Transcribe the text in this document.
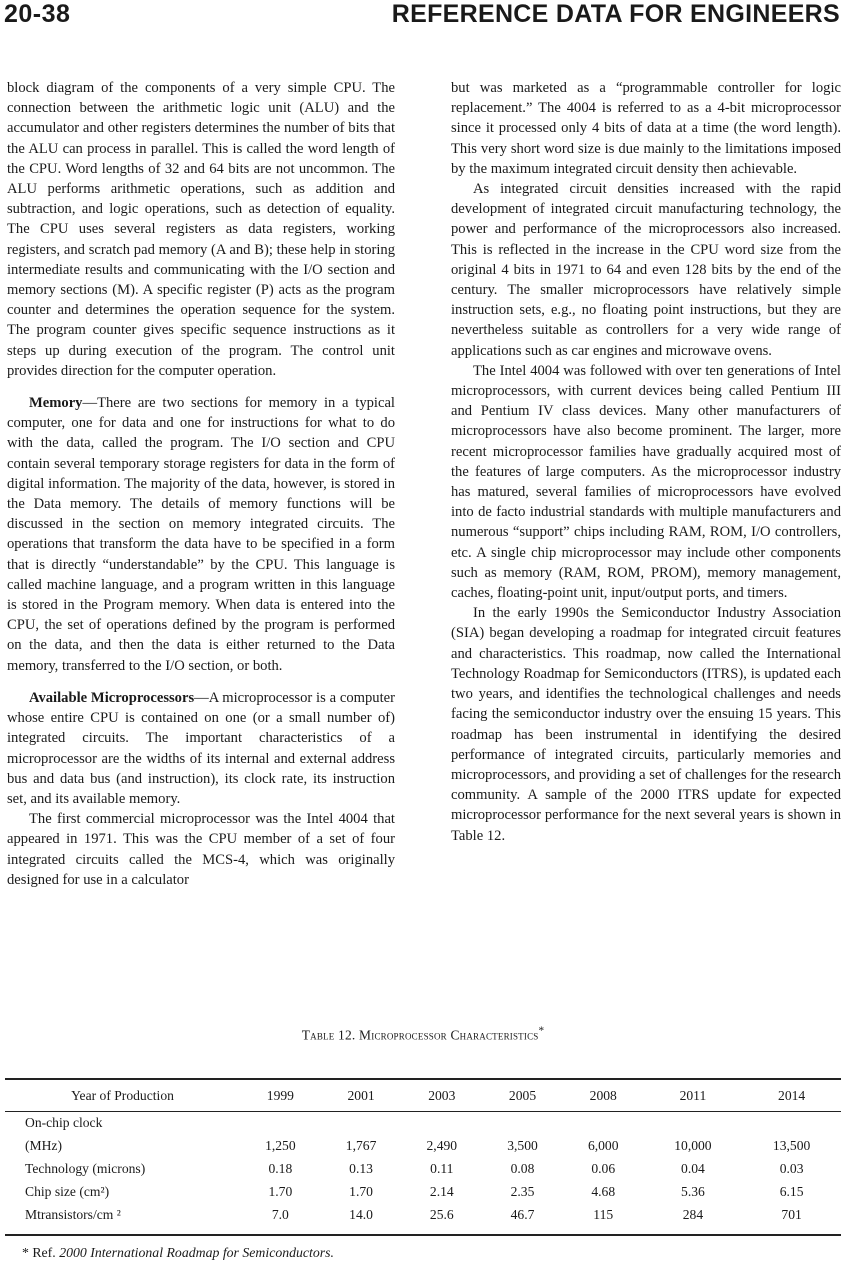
20-38	REFERENCE DATA FOR ENGINEERS

block diagram of the components of a very simple CPU. The connection between the arithmetic logic unit (ALU) and the accumulator and other registers determines the number of bits that the ALU can process in parallel. This is called the word length of the CPU. Word lengths of 32 and 64 bits are not uncommon. The ALU performs arithmetic operations, such as addition and subtraction, and logic operations, such as detection of equality. The CPU uses several registers as data registers, working registers, and scratch pad memory (A and B); these help in storing intermediate results and communicating with the I/O section and memory sections (M). A specific register (P) acts as the program counter and determines the operation sequence for the system. The program counter gives specific sequence instructions as it steps up during execution of the program. The control unit provides direction for the computer operation.

Memory—There are two sections for memory in a typical computer, one for data and one for instructions for what to do with the data, called the program. The I/O section and CPU contain several temporary storage registers for data in the form of digital information. The majority of the data, however, is stored in the Data memory. The details of memory functions will be discussed in the section on memory integrated circuits. The operations that transform the data have to be specified in a form that is directly “understandable” by the CPU. This language is called machine language, and a program written in this language is stored in the Program memory. When data is entered into the CPU, the set of operations defined by the program is performed on the data, and then the data is either returned to the Data memory, transferred to the I/O section, or both.

Available Microprocessors—A microprocessor is a computer whose entire CPU is contained on one (or a small number of) integrated circuits. The important characteristics of a microprocessor are the widths of its internal and external address bus and data bus (and instruction), its clock rate, its instruction set, and its available memory.

The first commercial microprocessor was the Intel 4004 that appeared in 1971. This was the CPU member of a set of four integrated circuits called the MCS-4, which was originally designed for use in a calculator

but was marketed as a “programmable controller for logic replacement.” The 4004 is referred to as a 4-bit microprocessor since it processed only 4 bits of data at a time (the word length). This very short word size is due mainly to the limitations imposed by the maximum integrated circuit density then achievable.

As integrated circuit densities increased with the rapid development of integrated circuit manufacturing technology, the power and performance of the microprocessors also increased. This is reflected in the increase in the CPU word size from the original 4 bits in 1971 to 64 and even 128 bits by the end of the century. The smaller microprocessors have relatively simple instruction sets, e.g., no floating point instructions, but they are nevertheless suitable as controllers for a very wide range of applications such as car engines and microwave ovens.

The Intel 4004 was followed with over ten generations of Intel microprocessors, with current devices being called Pentium III and Pentium IV class devices. Many other manufacturers of microprocessors have also become prominent. The larger, more recent microprocessor families have gradually acquired most of the features of large computers. As the microprocessor industry has matured, several families of microprocessors have evolved into de facto industrial standards with multiple manufacturers and numerous “support” chips including RAM, ROM, I/O controllers, etc. A single chip microprocessor may include other components such as memory (RAM, ROM, PROM), memory management, caches, floating-point unit, input/output ports, and timers.

In the early 1990s the Semiconductor Industry Association (SIA) began developing a roadmap for integrated circuit features and characteristics. This roadmap, now called the International Technology Roadmap for Semiconductors (ITRS), is updated each two years, and identifies the technological challenges and needs facing the semiconductor industry over the ensuing 15 years. This roadmap has been instrumental in identifying the desired performance of integrated circuits, particularly memories and microprocessors, and providing a set of challenges for the research community. A sample of the 2000 ITRS update for expected microprocessor performance for the next several years is shown in Table 12.

Table 12. Microprocessor Characteristics*
Year of Production	1999	2001	2003	2005	2008	2011	2014
On-chip clock							
(MHz)	1,250	1,767	2,490	3,500	6,000	10,000	13,500
Technology (microns)	0.18	0.13	0.11	0.08	0.06	0.04	0.03
Chip size (cm²)	1.70	1.70	2.14	2.35	4.68	5.36	6.15
Mtransistors/cm ²	7.0	14.0	25.6	46.7	115	284	701
* Ref. 2000 International Roadmap for Semiconductors.
